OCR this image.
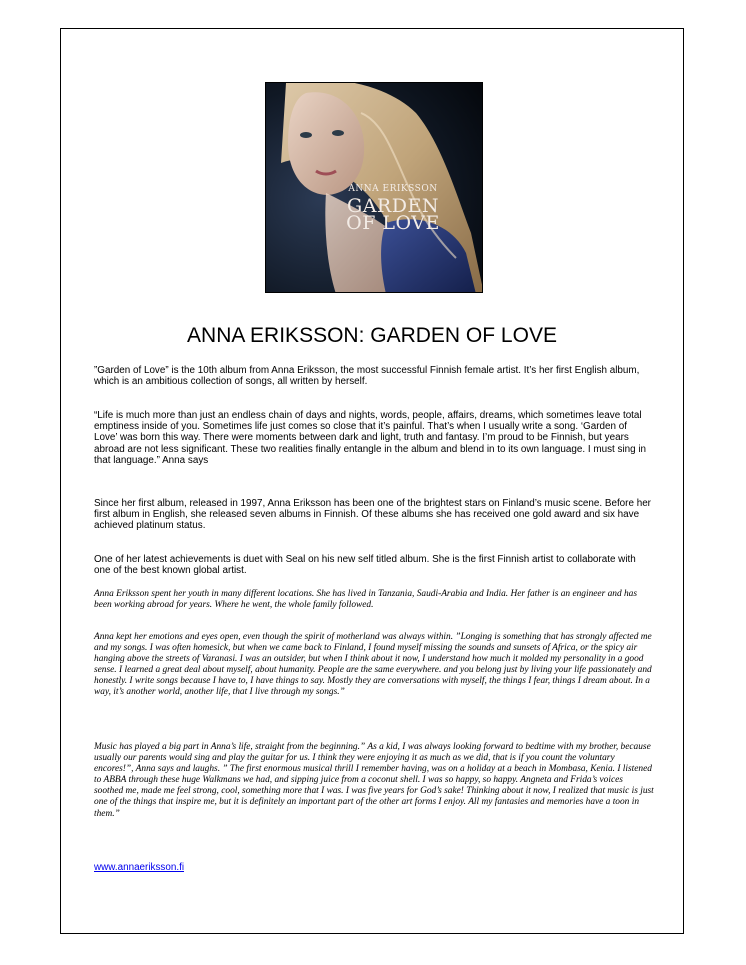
ANNA ERIKSSON
GARDEN
OF LOVE
ANNA ERIKSSON: GARDEN OF LOVE

”Garden of Love” is the 10th album from Anna Eriksson, the most successful Finnish female artist. It’s her first English album, which is an ambitious collection of songs, all written by herself.

“Life is much more than just an endless chain of days and nights, words, people, affairs, dreams, which sometimes leave total emptiness inside of you. Sometimes life just comes so close that it’s painful. That’s when I usually write a song. ‘Garden of Love’ was born this way. There were moments between dark and light, truth and fantasy. I’m proud to be Finnish, but years abroad are not less significant. These two realities finally entangle in the album and blend in to its own language. I must sing in that language.” Anna says

Since her first album, released in 1997, Anna Eriksson has been one of the brightest stars on Finland’s music scene. Before her first album in English, she released seven albums in Finnish. Of these albums she has received one gold award and six have achieved platinum status.

One of her latest achievements is duet with Seal on his new self titled album. She is the first Finnish artist to collaborate with one of the best known global artist.

Anna Eriksson spent her youth in many different locations. She has lived in Tanzania, Saudi-Arabia and India. Her father is an engineer and has been working abroad for years. Where he went, the whole family followed.

Anna kept her emotions and eyes open, even though the spirit of motherland was always within. ”Longing is something that has strongly affected me and my songs. I was often homesick, but when we came back to Finland, I found myself missing the sounds and sunsets of Africa, or the spicy air hanging above the streets of Varanasi. I was an outsider, but when I think about it now, I understand how much it molded my personality in a good sense. I learned a great deal about myself, about humanity. People are the same everywhere. and you belong just by living your life passionately and honestly. I write songs because I have to, I have things to say. Mostly they are conversations with myself, the things I fear, things I dream about. In a way, it’s another world, another life, that I live through my songs.”

Music has played a big part in Anna’s life, straight from the beginning.” As a kid, I was always looking forward to bedtime with my brother, because usually our parents would sing and play the guitar for us. I think they were enjoying it as much as we did, that is if you count the voluntary encores!”, Anna says and laughs. ” The first enormous musical thrill I remember having, was on a holiday at a beach in Mombasa, Kenia. I listened to ABBA through these huge Walkmans we had, and sipping juice from a coconut shell. I was so happy, so happy. Angneta and Frida’s voices soothed me, made me feel strong, cool, something more that I was. I was five years for God’s sake! Thinking about it now, I realized that music is just one of the things that inspire me, but it is definitely an important part of the other art forms I enjoy. All my fantasies and memories have a toon in them.”

www.annaeriksson.fi
